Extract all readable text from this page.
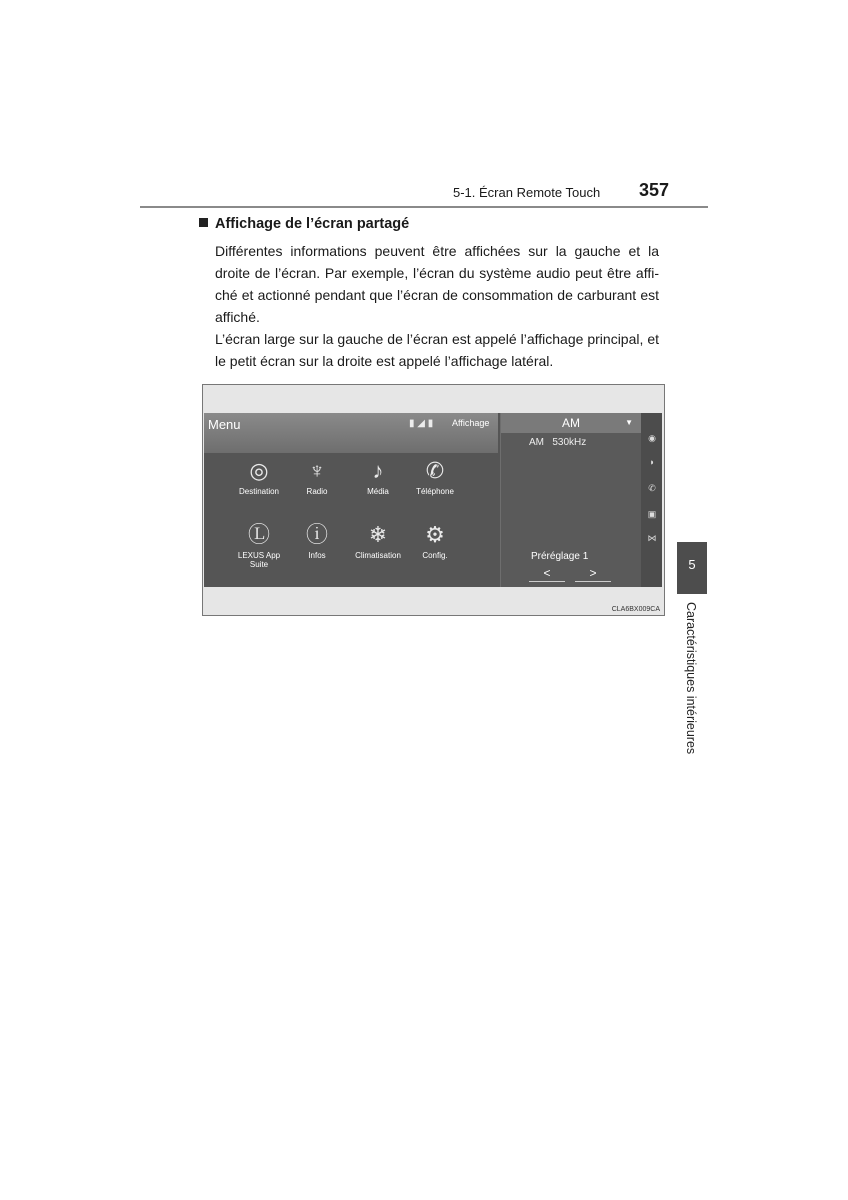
5-1. Écran Remote Touch 357
Affichage de l’écran partagé

Différentes informations peuvent être affichées sur la gauche et la droite de l’écran. Par exemple, l’écran du système audio peut être affi-ché et actionné pendant que l’écran de consommation de carburant est affiché.

L’écran large sur la gauche de l’écran est appelé l’affichage principal, et le petit écran sur la droite est appelé l’affichage latéral.

5
Caractéristiques intérieures
Menu	▮ ◢ ▮ Affichage
◎
Destination
♆
Radio
♪
Média
✆
Téléphone
Ⓛ
LEXUS App Suite
ⓘ
Infos
❄
Climatisation
⚙
Config.
AM	▼
AM 530kHz
Préréglage 1
<	>
◉
◗
✆
▣
⋈
CLA6BX009CA
